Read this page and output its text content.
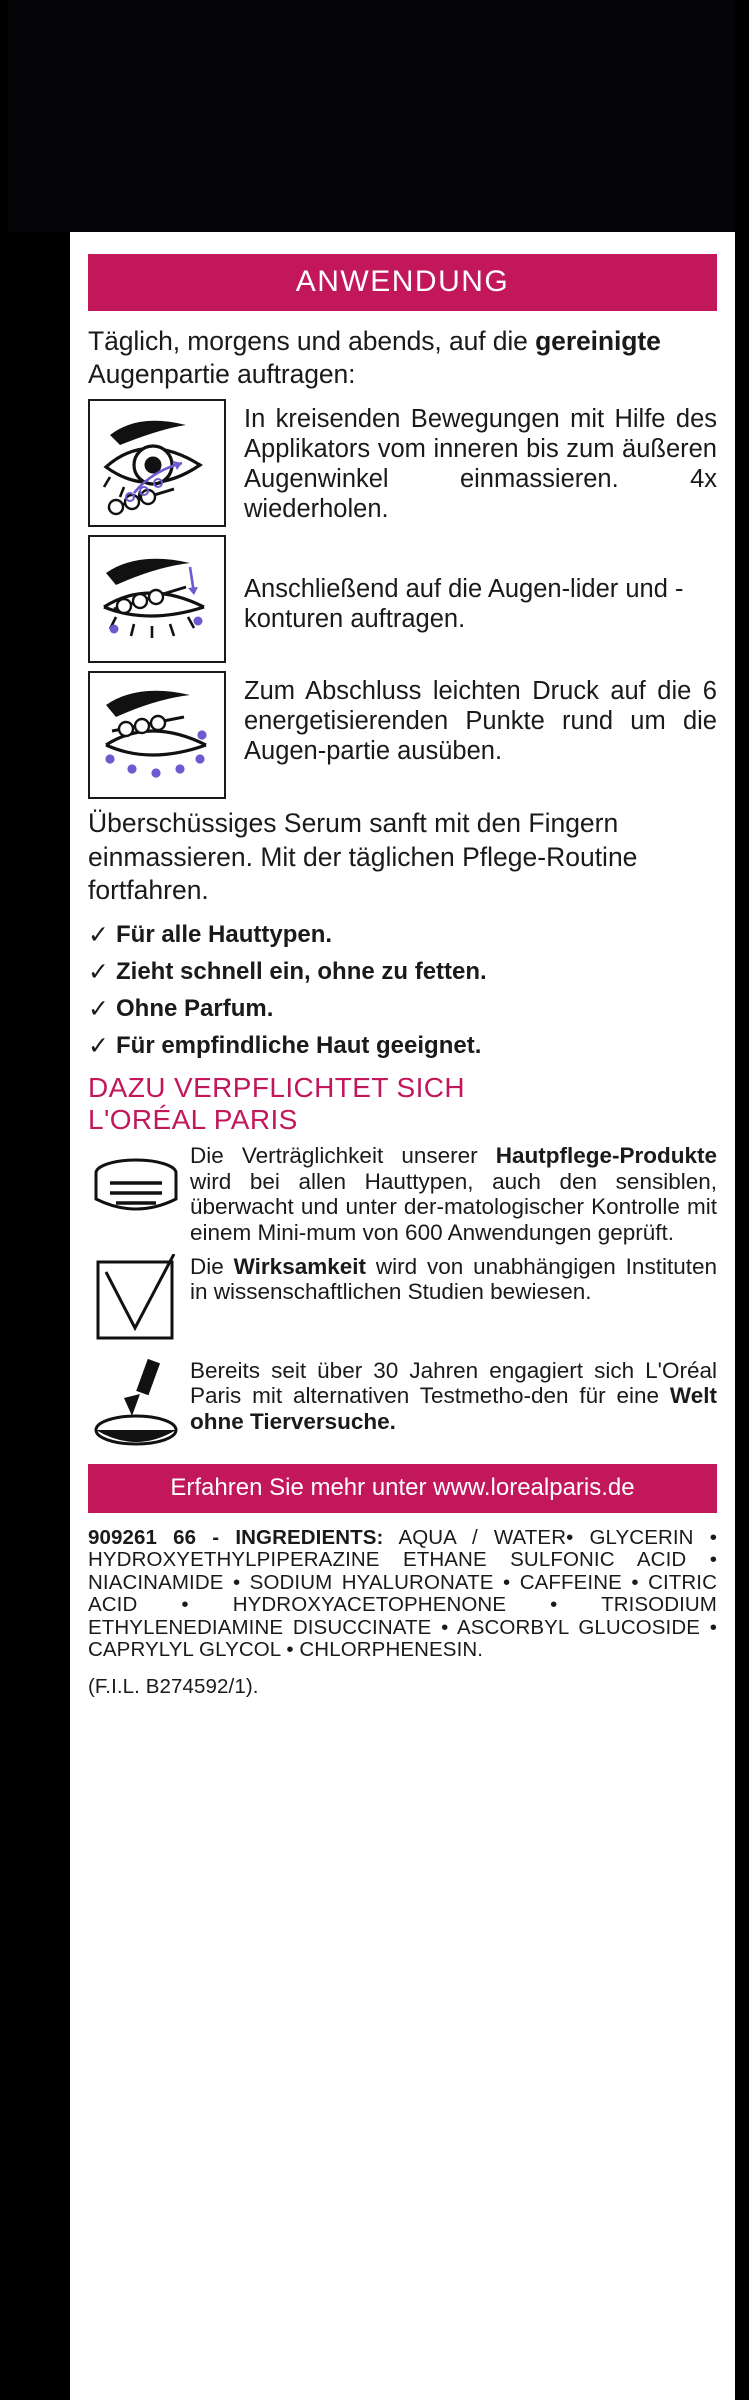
ANWENDUNG
Täglich, morgens und abends, auf die gereinigte Augenpartie auftragen:
In kreisenden Bewegungen mit Hilfe des Applikators vom inneren bis zum äußeren Augenwinkel einmassieren. 4x wiederholen.
Anschließend auf die Augen-lider und -konturen auftragen.
Zum Abschluss leichten Druck auf die 6 energetisierenden Punkte rund um die Augen-partie ausüben.
Überschüssiges Serum sanft mit den Fingern einmassieren. Mit der täglichen Pflege-Routine fortfahren.
✓ Für alle Hauttypen.
✓ Zieht schnell ein, ohne zu fetten.
✓ Ohne Parfum.
✓ Für empfindliche Haut geeignet.
DAZU VERPFLICHTET SICH
L'ORÉAL PARIS
Die Verträglichkeit unserer Hautpflege-Produkte wird bei allen Hauttypen, auch den sensiblen, überwacht und unter der-matologischer Kontrolle mit einem Mini-mum von 600 Anwendungen geprüft.
Die Wirksamkeit wird von unabhängigen Instituten in wissenschaftlichen Studien bewiesen.
Bereits seit über 30 Jahren engagiert sich L'Oréal Paris mit alternativen Testmetho-den für eine Welt ohne Tierversuche.
Erfahren Sie mehr unter www.lorealparis.de
909261 66 - INGREDIENTS: AQUA / WATER• GLYCERIN • HYDROXYETHYLPIPERAZINE ETHANE SULFONIC ACID • NIACINAMIDE • SODIUM HYALURONATE • CAFFEINE • CITRIC ACID • HYDROXYACETOPHENONE • TRISODIUM ETHYLENEDIAMINE DISUCCINATE • ASCORBYL GLUCOSIDE • CAPRYLYL GLYCOL • CHLORPHENESIN.
(F.I.L. B274592/1).
